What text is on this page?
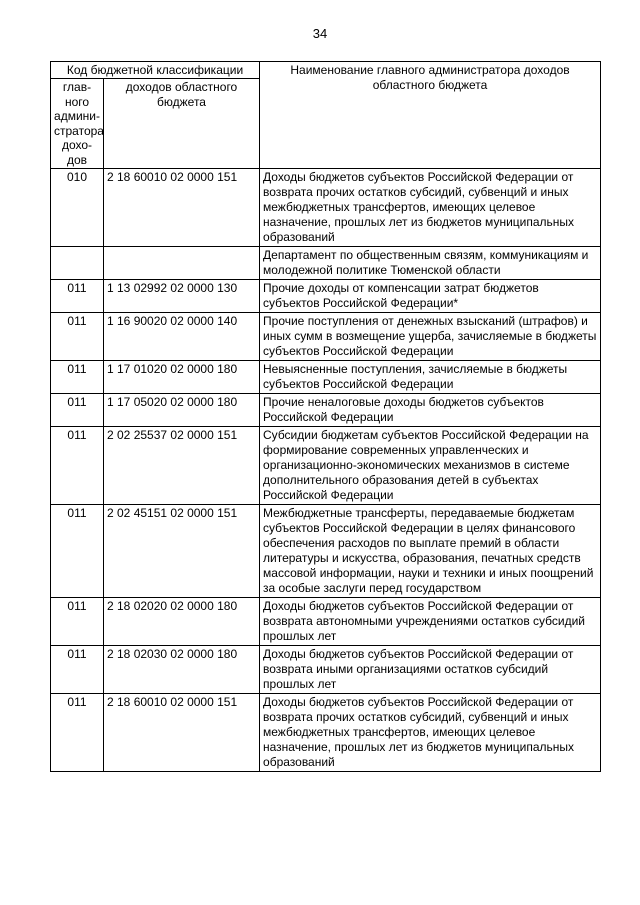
34
Код бюджетной классификации		Наименование главного администратора доходов областного бюджета
глав-ного админи-стратора дохо-дов	доходов областного бюджета	
010	2 18 60010 02 0000 151	Доходы бюджетов субъектов Российской Федерации от возврата прочих остатков субсидий, субвенций и иных межбюджетных трансфертов, имеющих целевое назначение, прошлых лет из бюджетов муниципальных образований
		Департамент по общественным связям, коммуникациям и молодежной политике Тюменской области
011	1 13 02992 02 0000 130	Прочие доходы от компенсации затрат бюджетов субъектов Российской Федерации*
011	1 16 90020 02 0000 140	Прочие поступления от денежных взысканий (штрафов) и иных сумм в возмещение ущерба, зачисляемые в бюджеты субъектов Российской Федерации
011	1 17 01020 02 0000 180	Невыясненные поступления, зачисляемые в бюджеты субъектов Российской Федерации
011	1 17 05020 02 0000 180	Прочие неналоговые доходы бюджетов субъектов Российской Федерации
011	2 02 25537 02 0000 151	Субсидии бюджетам субъектов Российской Федерации на формирование современных управленческих и организационно-экономических механизмов в системе дополнительного образования детей в субъектах Российской Федерации
011	2 02 45151 02 0000 151	Межбюджетные трансферты, передаваемые бюджетам субъектов Российской Федерации в целях финансового обеспечения расходов по выплате премий в области литературы и искусства, образования, печатных средств массовой информации, науки и техники и иных поощрений за особые заслуги перед государством
011	2 18 02020 02 0000 180	Доходы бюджетов субъектов Российской Федерации от возврата автономными учреждениями остатков субсидий прошлых лет
011	2 18 02030 02 0000 180	Доходы бюджетов субъектов Российской Федерации от возврата иными организациями остатков субсидий прошлых лет
011	2 18 60010 02 0000 151	Доходы бюджетов субъектов Российской Федерации от возврата прочих остатков субсидий, субвенций и иных межбюджетных трансфертов, имеющих целевое назначение, прошлых лет из бюджетов муниципальных образований
